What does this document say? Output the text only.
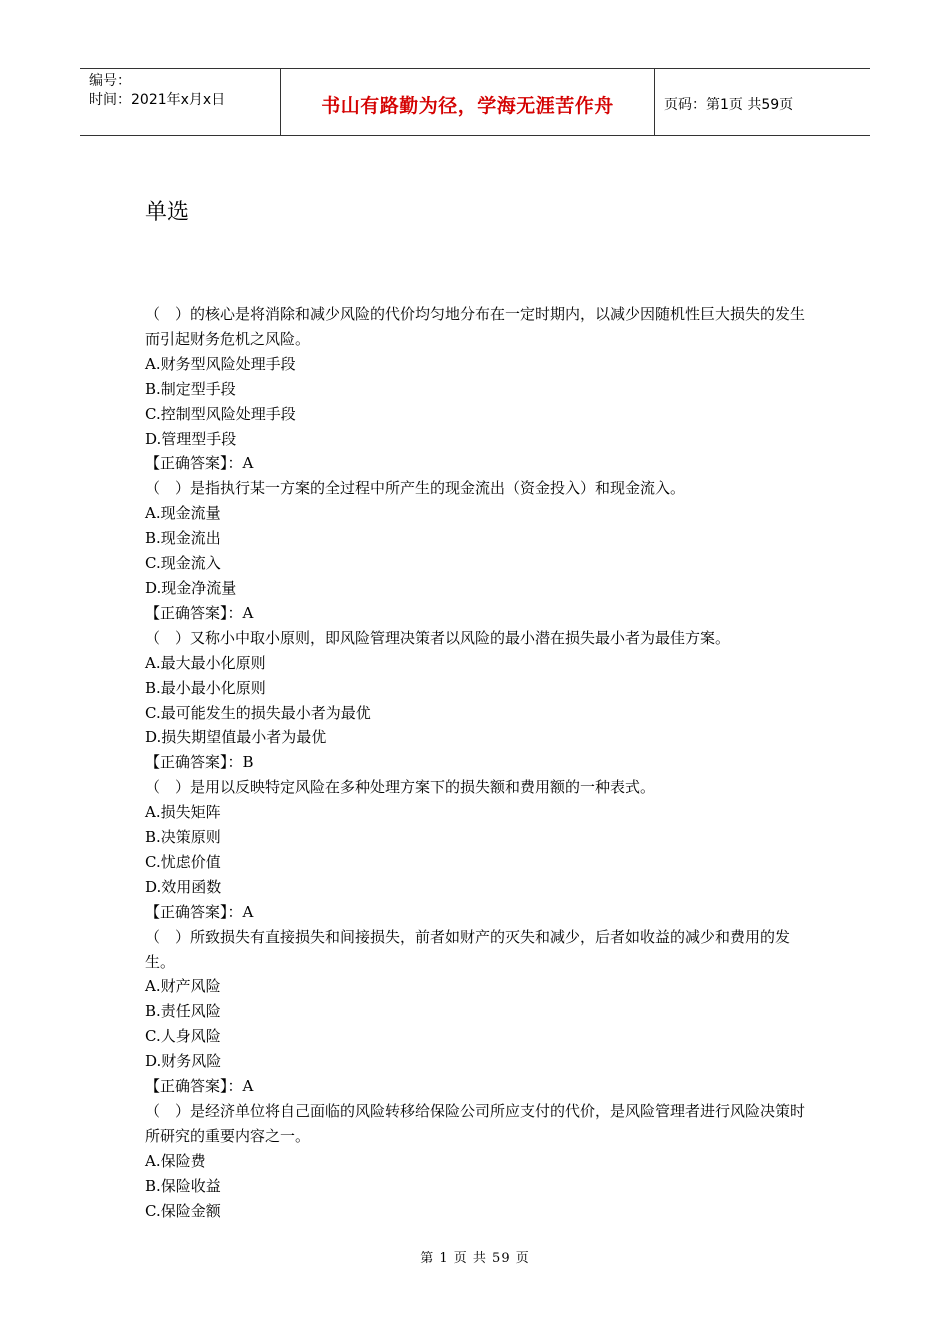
编号：
时间：2021年x月x日	书山有路勤为径，学海无涯苦作舟	页码：第1页 共59页
单选

（　）的核心是将消除和减少风险的代价均匀地分布在一定时期内，以减少因随机性巨大损失的发生而引起财务危机之风险。

A.财务型风险处理手段

B.制定型手段

C.控制型风险处理手段

D.管理型手段

【正确答案】：A

（　）是指执行某一方案的全过程中所产生的现金流出（资金投入）和现金流入。

A.现金流量

B.现金流出

C.现金流入

D.现金净流量

【正确答案】：A

（　）又称小中取小原则，即风险管理决策者以风险的最小潜在损失最小者为最佳方案。

A.最大最小化原则

B.最小最小化原则

C.最可能发生的损失最小者为最优

D.损失期望值最小者为最优

【正确答案】：B

（　）是用以反映特定风险在多种处理方案下的损失额和费用额的一种表式。

A.损失矩阵

B.决策原则

C.忧虑价值

D.效用函数

【正确答案】：A

（　）所致损失有直接损失和间接损失，前者如财产的灭失和减少，后者如收益的减少和费用的发生。

A.财产风险

B.责任风险

C.人身风险

D.财务风险

【正确答案】：A

（　）是经济单位将自己面临的风险转移给保险公司所应支付的代价，是风险管理者进行风险决策时所研究的重要内容之一。

A.保险费

B.保险收益

C.保险金额

第 1 页 共 59 页
